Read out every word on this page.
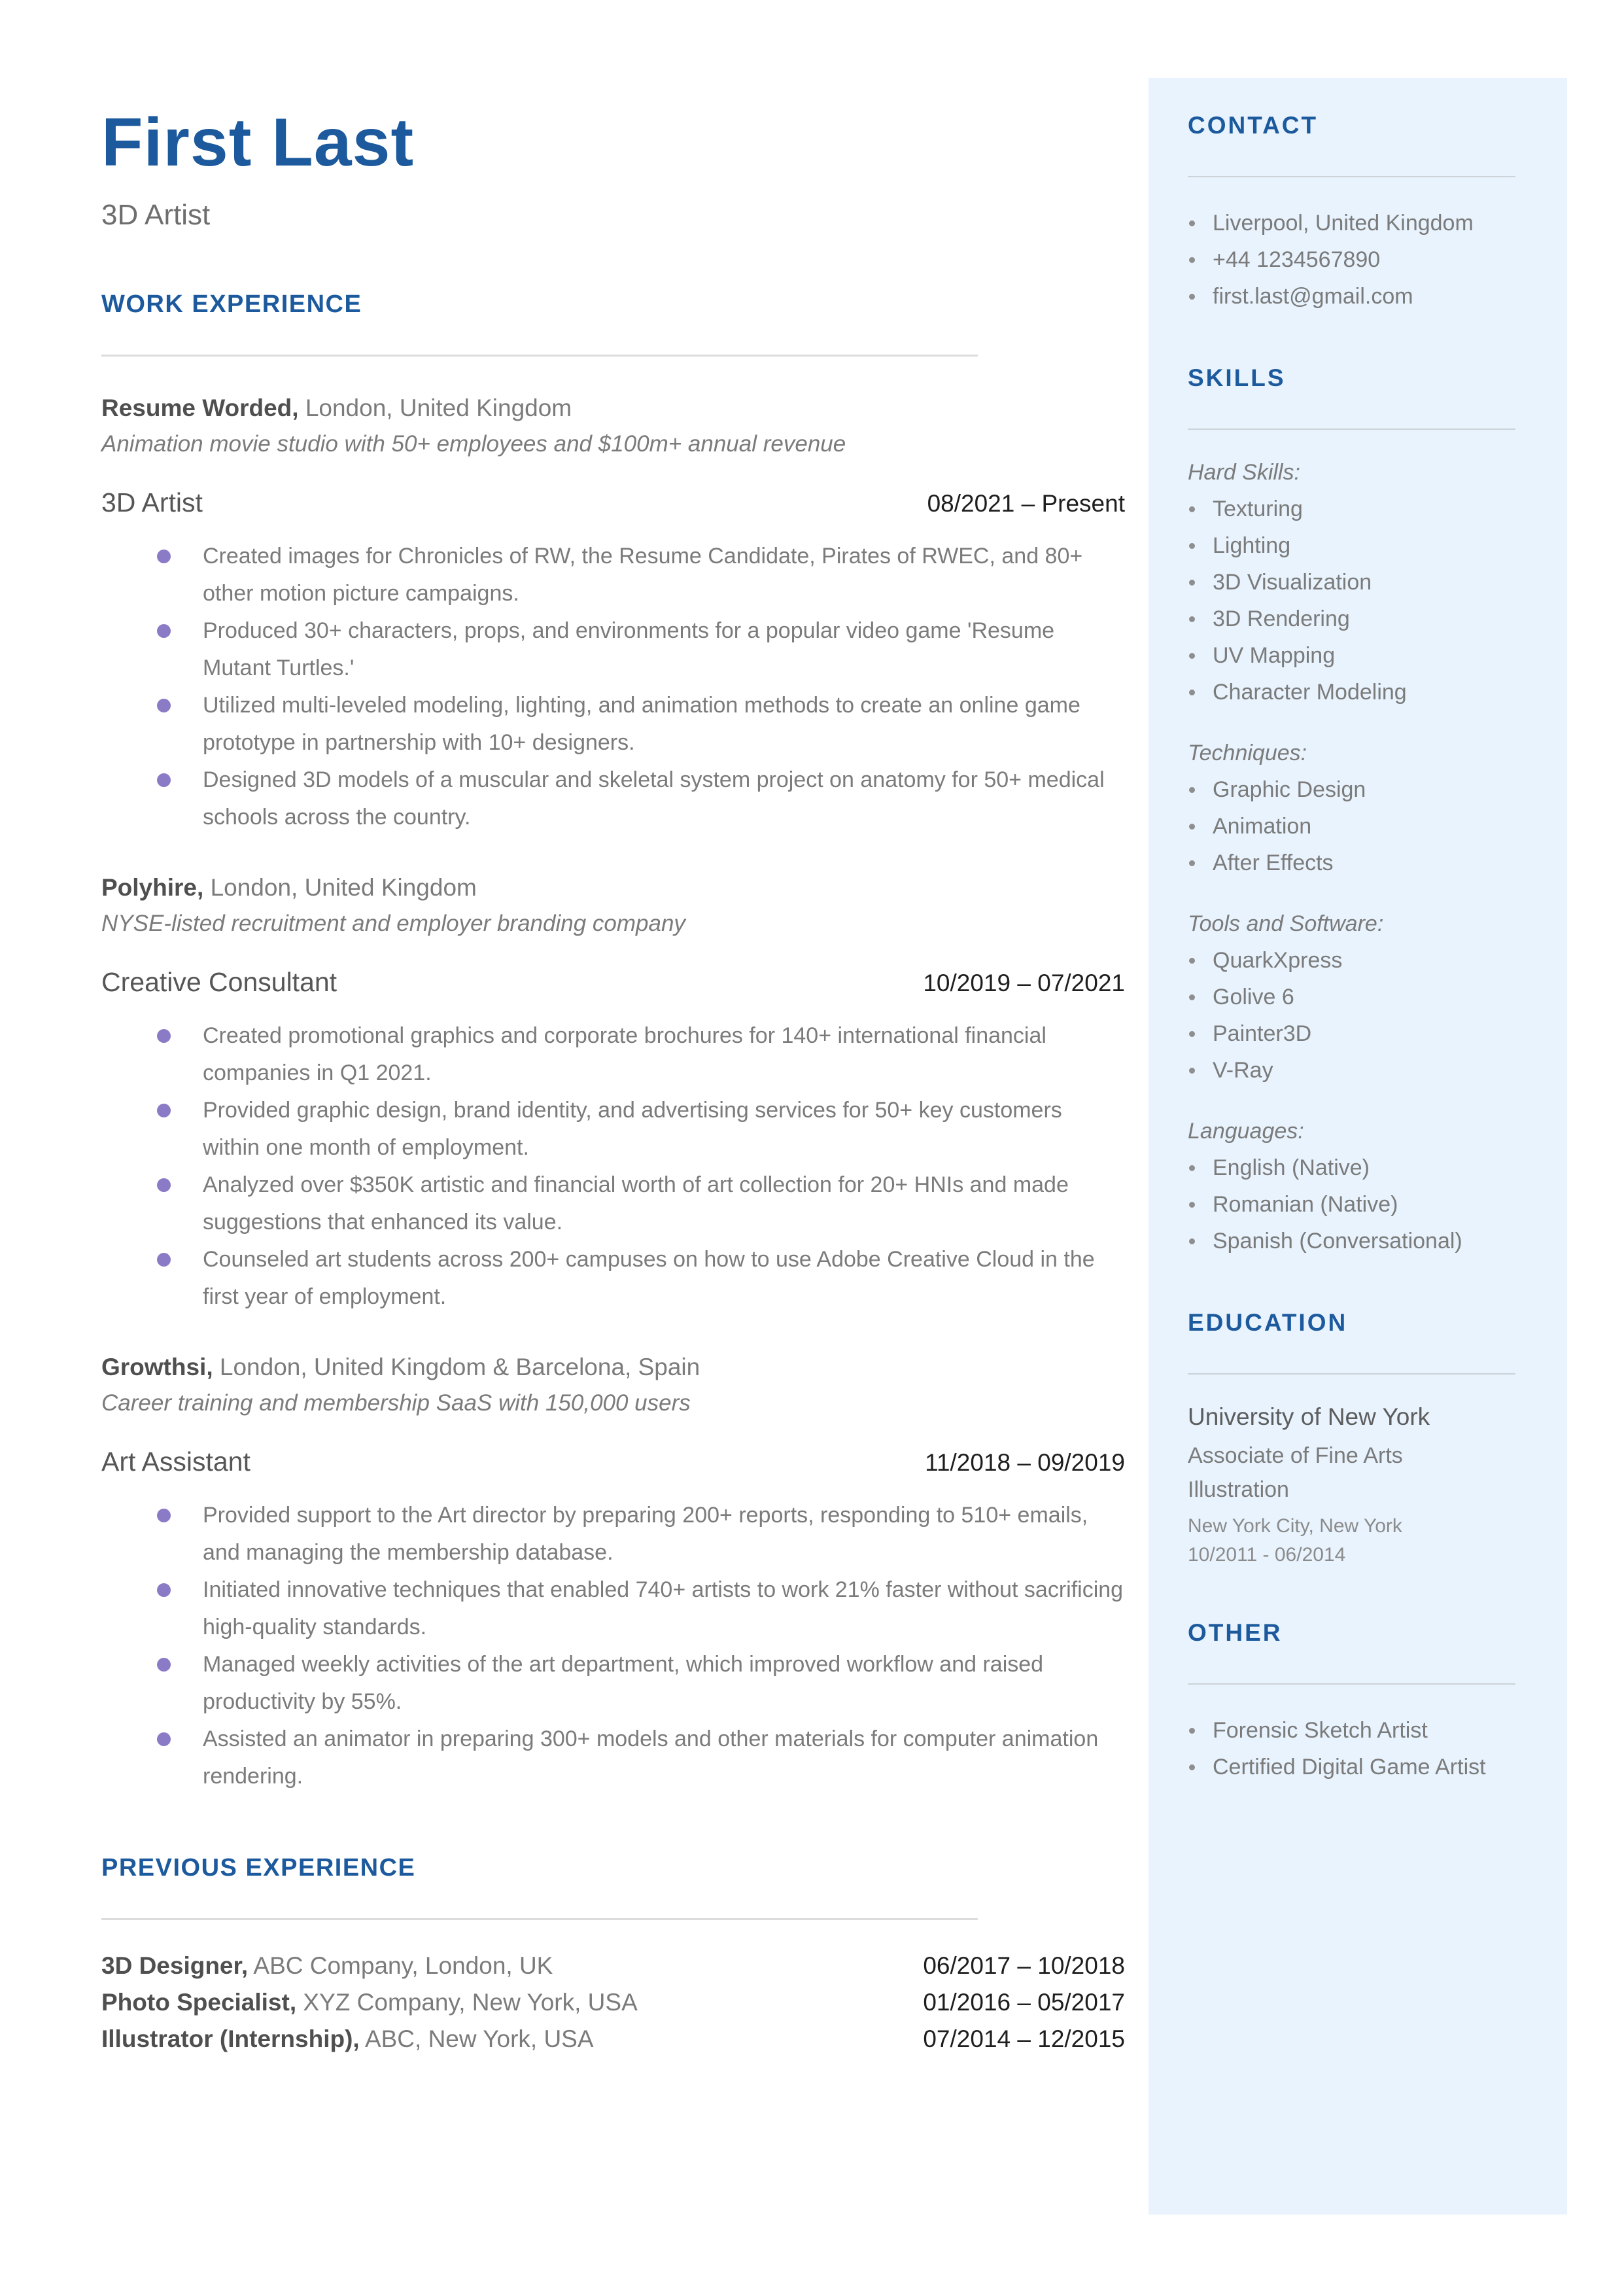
First Last
3D Artist
WORK EXPERIENCE
Resume Worded, London, United Kingdom
Animation movie studio with 50+ employees and $100m+ annual revenue
3D Artist	08/2021 – Present
Created images for Chronicles of RW, the Resume Candidate, Pirates of RWEC, and 80+ other motion picture campaigns.
Produced 30+ characters, props, and environments for a popular video game 'Resume Mutant Turtles.'
Utilized multi-leveled modeling, lighting, and animation methods to create an online game prototype in partnership with 10+ designers.
Designed 3D models of a muscular and skeletal system project on anatomy for 50+ medical schools across the country.
Polyhire, London, United Kingdom
NYSE-listed recruitment and employer branding company
Creative Consultant	10/2019 – 07/2021
Created promotional graphics and corporate brochures for 140+ international financial companies in Q1 2021.
Provided graphic design, brand identity, and advertising services for 50+ key customers within one month of employment.
Analyzed over $350K artistic and financial worth of art collection for 20+ HNIs and made suggestions that enhanced its value.
Counseled art students across 200+ campuses on how to use Adobe Creative Cloud in the first year of employment.
Growthsi, London, United Kingdom & Barcelona, Spain
Career training and membership SaaS with 150,000 users
Art Assistant	11/2018 – 09/2019
Provided support to the Art director by preparing 200+ reports, responding to 510+ emails, and managing the membership database.
Initiated innovative techniques that enabled 740+ artists to work 21% faster without sacrificing high-quality standards.
Managed weekly activities of the art department, which improved workflow and raised productivity by 55%.
Assisted an animator in preparing 300+ models and other materials for computer animation rendering.
PREVIOUS EXPERIENCE
3D Designer, ABC Company, London, UK	06/2017 – 10/2018
Photo Specialist, XYZ Company, New York, USA	01/2016 – 05/2017
Illustrator (Internship), ABC, New York, USA	07/2014 – 12/2015
CONTACT
Liverpool, United Kingdom
+44 1234567890
first.last@gmail.com
SKILLS
Hard Skills:
Texturing
Lighting
3D Visualization
3D Rendering
UV Mapping
Character Modeling
Techniques:
Graphic Design
Animation
After Effects
Tools and Software:
QuarkXpress
Golive 6
Painter3D
V-Ray
Languages:
English (Native)
Romanian (Native)
Spanish (Conversational)
EDUCATION
University of New York
Associate of Fine Arts
Illustration
New York City, New York
10/2011 - 06/2014
OTHER
Forensic Sketch Artist
Certified Digital Game Artist
